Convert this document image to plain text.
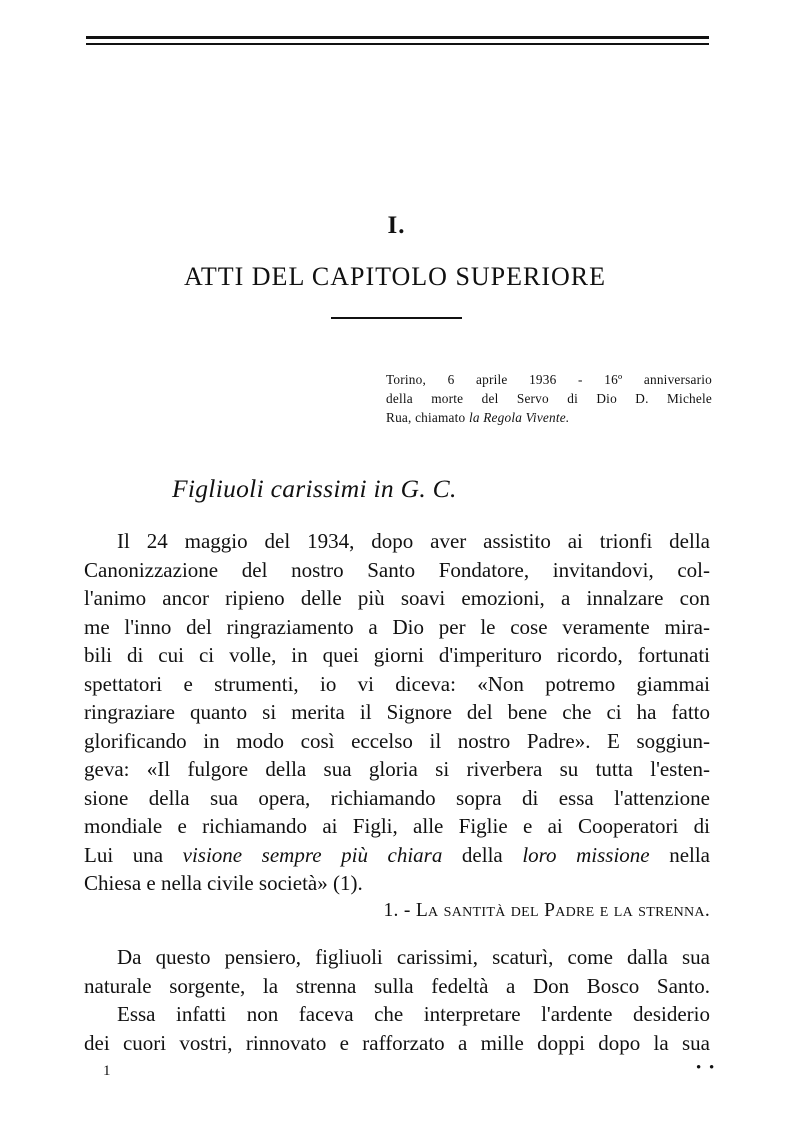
I.
ATTI DEL CAPITOLO SUPERIORE
Torino, 6 aprile 1936 - 16º anniversario
della morte del Servo di Dio D. Michele
Rua, chiamato la Regola Vivente.
Figliuoli carissimi in G. C.
Il 24 maggio del 1934, dopo aver assistito ai trionfi della
Canonizzazione del nostro Santo Fondatore, invitandovi, col-
l'animo ancor ripieno delle più soavi emozioni, a innalzare con
me l'inno del ringraziamento a Dio per le cose veramente mira-
bili di cui ci volle, in quei giorni d'imperituro ricordo, fortunati
spettatori e strumenti, io vi diceva: «Non potremo giammai
ringraziare quanto si merita il Signore del bene che ci ha fatto
glorificando in modo così eccelso il nostro Padre». E soggiun-
geva: «Il fulgore della sua gloria si riverbera su tutta l'esten-
sione della sua opera, richiamando sopra di essa l'attenzione
mondiale e richiamando ai Figli, alle Figlie e ai Cooperatori di
Lui una visione sempre più chiara della loro missione nella
Chiesa e nella civile società» (1).
1. - La santità del Padre e la strenna.
Da questo pensiero, figliuoli carissimi, scaturì, come dalla sua
naturale sorgente, la strenna sulla fedeltà a Don Bosco Santo.
Essa infatti non faceva che interpretare l'ardente desiderio
dei cuori vostri, rinnovato e rafforzato a mille doppi dopo la sua
1	• •
